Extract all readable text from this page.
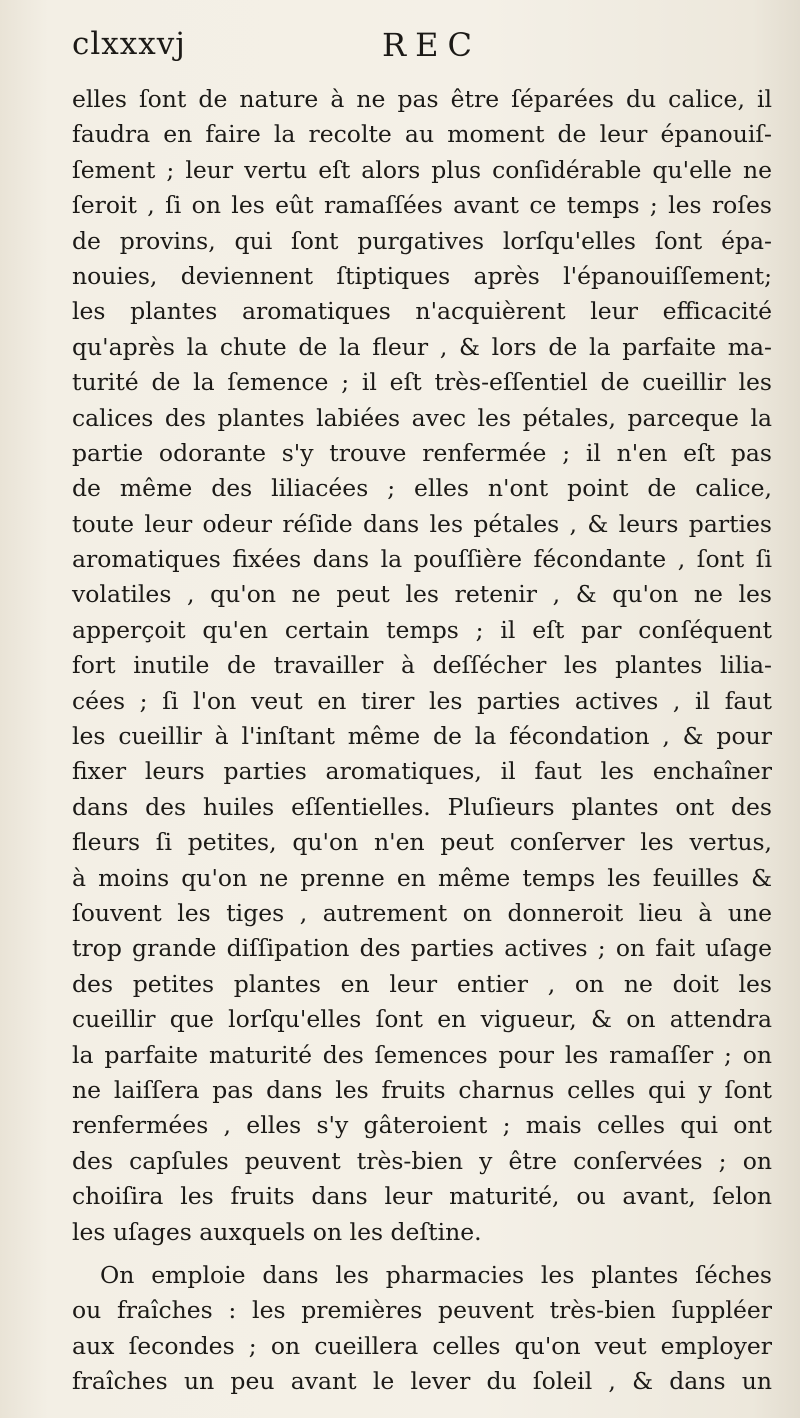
clxxxvj	REC
elles ſont de nature à ne pas être ſéparées du calice, il
faudra en faire la recolte au moment de leur épanouiſ-
ſement ; leur vertu eſt alors plus conſidérable qu'elle ne
ſeroit , ſi on les eût ramaſſées avant ce temps ; les roſes
de provins, qui ſont purgatives lorſqu'elles ſont épa-
nouies, deviennent ſtiptiques après l'épanouiſſement;
les plantes aromatiques n'acquièrent leur efficacité
qu'après la chute de la fleur , & lors de la parfaite ma-
turité de la ſemence ; il eſt très-eſſentiel de cueillir les
calices des plantes labiées avec les pétales, parceque la
partie odorante s'y trouve renfermée ; il n'en eſt pas
de même des liliacées ; elles n'ont point de calice,
toute leur odeur réſide dans les pétales , & leurs parties
aromatiques fixées dans la pouſſière fécondante , ſont ſi
volatiles , qu'on ne peut les retenir , & qu'on ne les
apperçoit qu'en certain temps ; il eſt par conſéquent
fort inutile de travailler à deſſécher les plantes lilia-
cées ; ſi l'on veut en tirer les parties actives , il faut
les cueillir à l'inſtant même de la fécondation , & pour
fixer leurs parties aromatiques, il faut les enchaîner
dans des huiles eſſentielles. Pluſieurs plantes ont des
fleurs ſi petites, qu'on n'en peut conſerver les vertus,
à moins qu'on ne prenne en même temps les feuilles &
ſouvent les tiges , autrement on donneroit lieu à une
trop grande diſſipation des parties actives ; on fait uſage
des petites plantes en leur entier , on ne doit les
cueillir que lorſqu'elles ſont en vigueur, & on attendra
la parfaite maturité des ſemences pour les ramaſſer ; on
ne laiſſera pas dans les fruits charnus celles qui y ſont
renfermées , elles s'y gâteroient ; mais celles qui ont
des capſules peuvent très-bien y être conſervées ; on
choiſira les fruits dans leur maturité, ou avant, ſelon
les uſages auxquels on les deſtine.
On emploie dans les pharmacies les plantes ſéches
ou fraîches : les premières peuvent très-bien ſuppléer
aux ſecondes ; on cueillera celles qu'on veut employer
fraîches un peu avant le lever du ſoleil , & dans un
